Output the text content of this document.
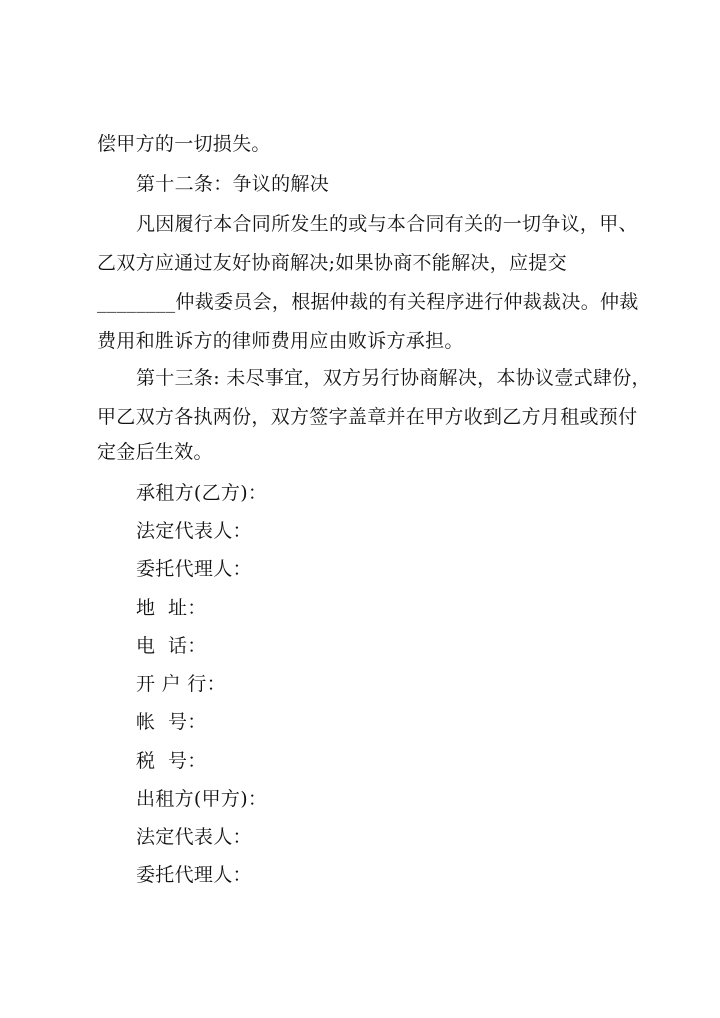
偿甲方的一切损失。
第十二条：争议的解决
凡因履行本合同所发生的或与本合同有关的一切争议，甲、
乙双方应通过友好协商解决;如果协商不能解决，应提交
________仲裁委员会，根据仲裁的有关程序进行仲裁裁决。仲裁
费用和胜诉方的律师费用应由败诉方承担。
第十三条: 未尽事宜，双方另行协商解决，本协议壹式肆份，
甲乙双方各执两份，双方签字盖章并在甲方收到乙方月租或预付
定金后生效。
承租方(乙方)：
法定代表人：
委托代理人：
地  址：
电  话：
开 户 行：
帐  号：
税  号：
出租方(甲方)：
法定代表人：
委托代理人：
